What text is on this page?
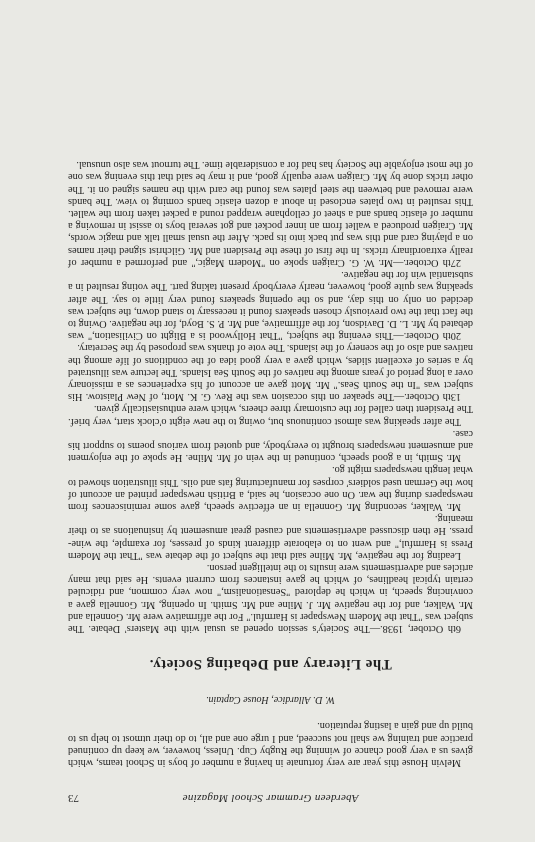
Aberdeen Grammar School Magazine
73

Melvin House this year are very fortunate in having a number of boys in School teams, which gives us a very good chance of winning the Rugby Cup. Unless, however, we keep up continued practice and training we shall not succeed, and I urge one and all, to do their utmost to help us to build up and gain a lasting reputation.

W. D. Allardice, House Captain.
The Literary and Debating Society.

6th October, 1938.—The Society's session opened as usual with the Masters' Debate. The subject was "That the Modern Newspaper is Harmful." For the affirmative were Mr. Gonnella and Mr. Walker, and for the negative Mr. J. Milne and Mr. Smith. In opening, Mr. Gonnella gave a convincing speech, in which he deplored "Sensationalism," now very common, and ridiculed certain typical headlines, of which he gave instances from current events. He said that many articles and advertisements were insults to the intelligent person.

Leading for the negative, Mr. Milne said that the subject of the debate was "That the Modern Press is Harmful," and went on to elaborate different kinds of presses, for example, the wine-press. He then discussed advertisements and caused great amusement by insinuations as to their meaning.

Mr. Walker, seconding Mr. Gonnella in an effective speech, gave some reminiscences from newspapers during the war. On one occasion, he said, a British newspaper printed an account of how the German used soldiers' corpses for manufacturing fats and oils. This illustration showed to what length newspapers might go.

Mr. Smith, in a good speech, continued in the vein of Mr. Milne. He spoke of the enjoyment and amusement newspapers brought to everybody, and quoted from various poems to support his case.

The after speaking was almost continuous but, owing to the new eight o'clock start, very brief. The President then called for the customary three cheers, which were enthusiastically given.

13th October.—The speaker on this occasion was the Rev. G. K. Mott, of New Plaistow. His subject was "In the South Seas." Mr. Mott gave an account of his experiences as a missionary over a long period of years among the natives of the South Sea Islands. The lecture was illustrated by a series of excellent slides, which gave a very good idea of the conditions of life among the natives and also of the scenery of the islands. The vote of thanks was proposed by the Secretary.

20th October.—This evening the subject, "That Hollywood is a Blight on Civilisation," was debated by Mr. L. D. Davidson, for the affirmative, and Mr. P. S. Boyd, for the negative. Owing to the fact that the two previously chosen speakers found it necessary to stand down, the subject was decided on only on this day, and so the opening speakers found very little to say. The after speaking was quite good, however, nearly everybody present taking part. The voting resulted in a substantial win for the negative.

27th October.—Mr. W. G. Craigen spoke on "Modern Magic," and performed a number of really extraordinary tricks. In the first of these the President and Mr. Gilchrist signed their names on a playing card and this was put back into its pack. After the usual small talk and magic words, Mr. Craigen produced a wallet from an inner pocket and got several boys to assist in removing a number of elastic bands and a sheet of cellophane wrapped round a packet taken from the wallet. This resulted in two plates enclosed in about a dozen elastic bands coming to view. The bands were removed and between the steel plates was found the card with the names signed on it. The other tricks done by Mr. Craigen were equally good, and it may be said that this evening was one of the most enjoyable the Society has had for a considerable time. The turnout was also unusual.
